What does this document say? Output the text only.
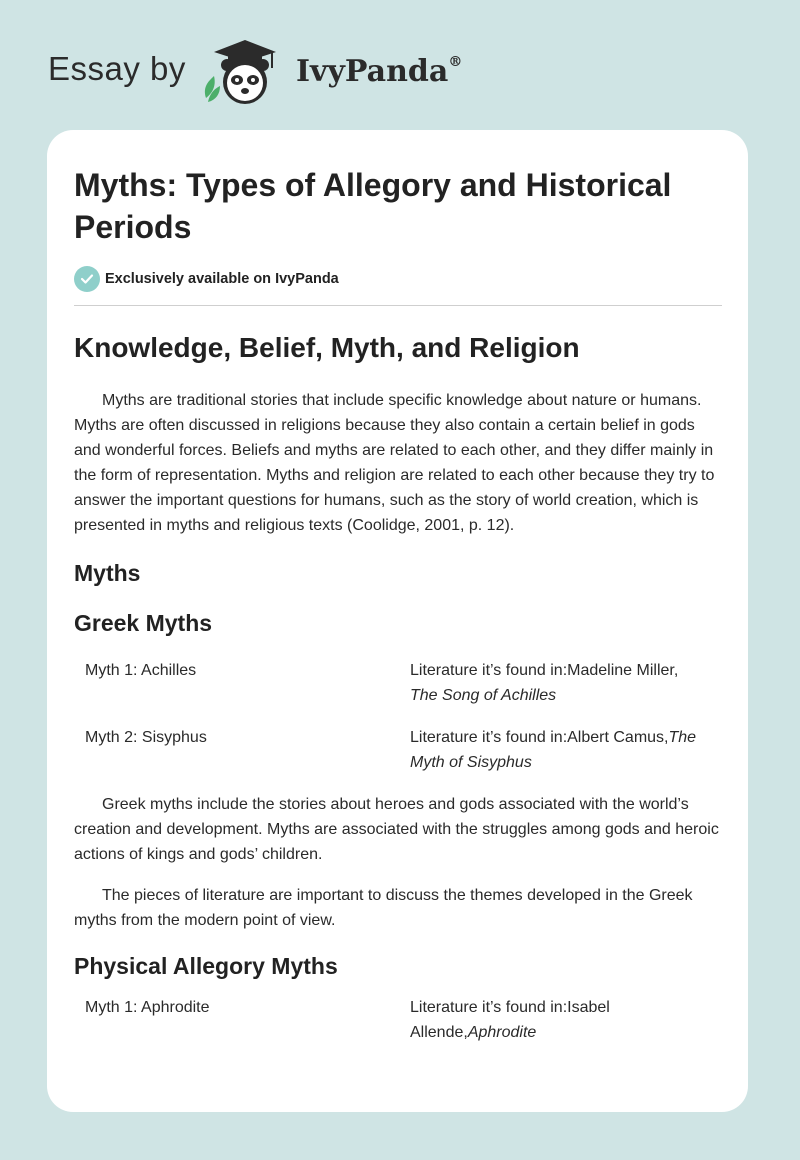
Essay by	IvyPanda®
Myths: Types of Allegory and Historical Periods
Exclusively available on IvyPanda
Knowledge, Belief, Myth, and Religion

Myths are traditional stories that include specific knowledge about nature or humans. Myths are often discussed in religions because they also contain a certain belief in gods and wonderful forces. Beliefs and myths are related to each other, and they differ mainly in the form of representation. Myths and religion are related to each other because they try to answer the important questions for humans, such as the story of world creation, which is presented in myths and religious texts (Coolidge, 2001, p. 12).

Myths
Greek Myths
Myth 1: Achilles	Literature it’s found in:Madeline Miller,
The Song of Achilles
Myth 2: Sisyphus	Literature it’s found in:Albert Camus,The Myth of Sisyphus

Greek myths include the stories about heroes and gods associated with the world’s creation and development. Myths are associated with the struggles among gods and heroic actions of kings and gods’ children.

The pieces of literature are important to discuss the themes developed in the Greek myths from the modern point of view.

Physical Allegory Myths
Myth 1: Aphrodite	Literature it’s found in:Isabel Allende,Aphrodite
